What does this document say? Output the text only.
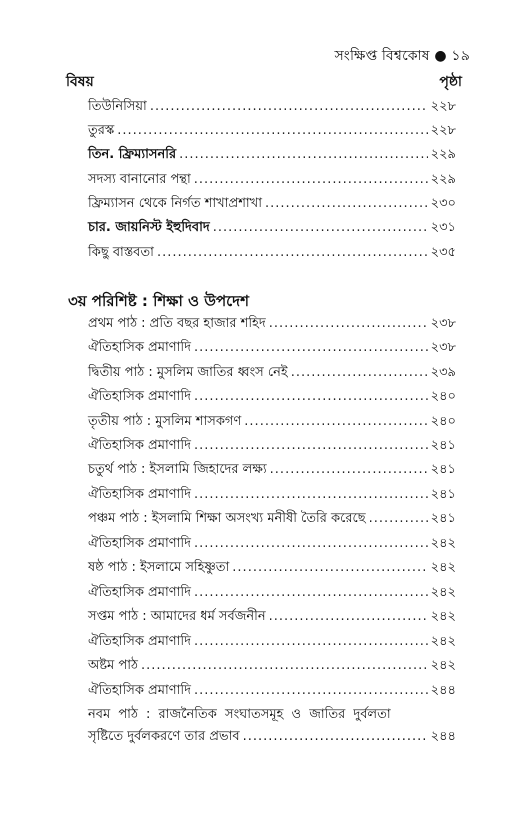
সংক্ষিপ্ত বিশ্বকোষ ● ১৯
বিষয়	পৃষ্ঠা
তিউনিসিয়া .....	২২৮
তুরস্ক .....	২২৮
তিন. ফ্রিম্যাসনরি .....	২২৯
সদস্য বানানোর পন্থা .....	২২৯
ফ্রিম্যাসন থেকে নির্গত শাখাপ্রশাখা .....	২৩০
চার. জায়নিস্ট ইহুদিবাদ .....	২৩১
কিছু বাস্তবতা .....	২৩৫
৩য় পরিশিষ্ট : শিক্ষা ও উপদেশ
প্রথম পাঠ : প্রতি বছর হাজার শহিদ .....	২৩৮
ঐতিহাসিক প্রমাণাদি .....	২৩৮
দ্বিতীয় পাঠ : মুসলিম জাতির ধ্বংস নেই .....	২৩৯
ঐতিহাসিক প্রমাণাদি .....	২৪০
তৃতীয় পাঠ : মুসলিম শাসকগণ .....	২৪০
ঐতিহাসিক প্রমাণাদি .....	২৪১
চতুর্থ পাঠ : ইসলামি জিহাদের লক্ষ্য .....	২৪১
ঐতিহাসিক প্রমাণাদি .....	২৪১
পঞ্চম পাঠ : ইসলামি শিক্ষা অসংখ্য মনীষী তৈরি করেছে .....	২৪১
ঐতিহাসিক প্রমাণাদি .....	২৪২
ষষ্ঠ পাঠ : ইসলামে সহিষ্ণুতা .....	২৪২
ঐতিহাসিক প্রমাণাদি .....	২৪২
সপ্তম পাঠ : আমাদের ধর্ম সর্বজনীন .....	২৪২
ঐতিহাসিক প্রমাণাদি .....	২৪২
অষ্টম পাঠ .....	২৪২
ঐতিহাসিক প্রমাণাদি .....	২৪৪
নবম পাঠ : রাজনৈতিক সংঘাতসমূহ ও জাতির দুর্বলতা
সৃষ্টিতে দুর্বলকরণে তার প্রভাব .....	২৪৪
